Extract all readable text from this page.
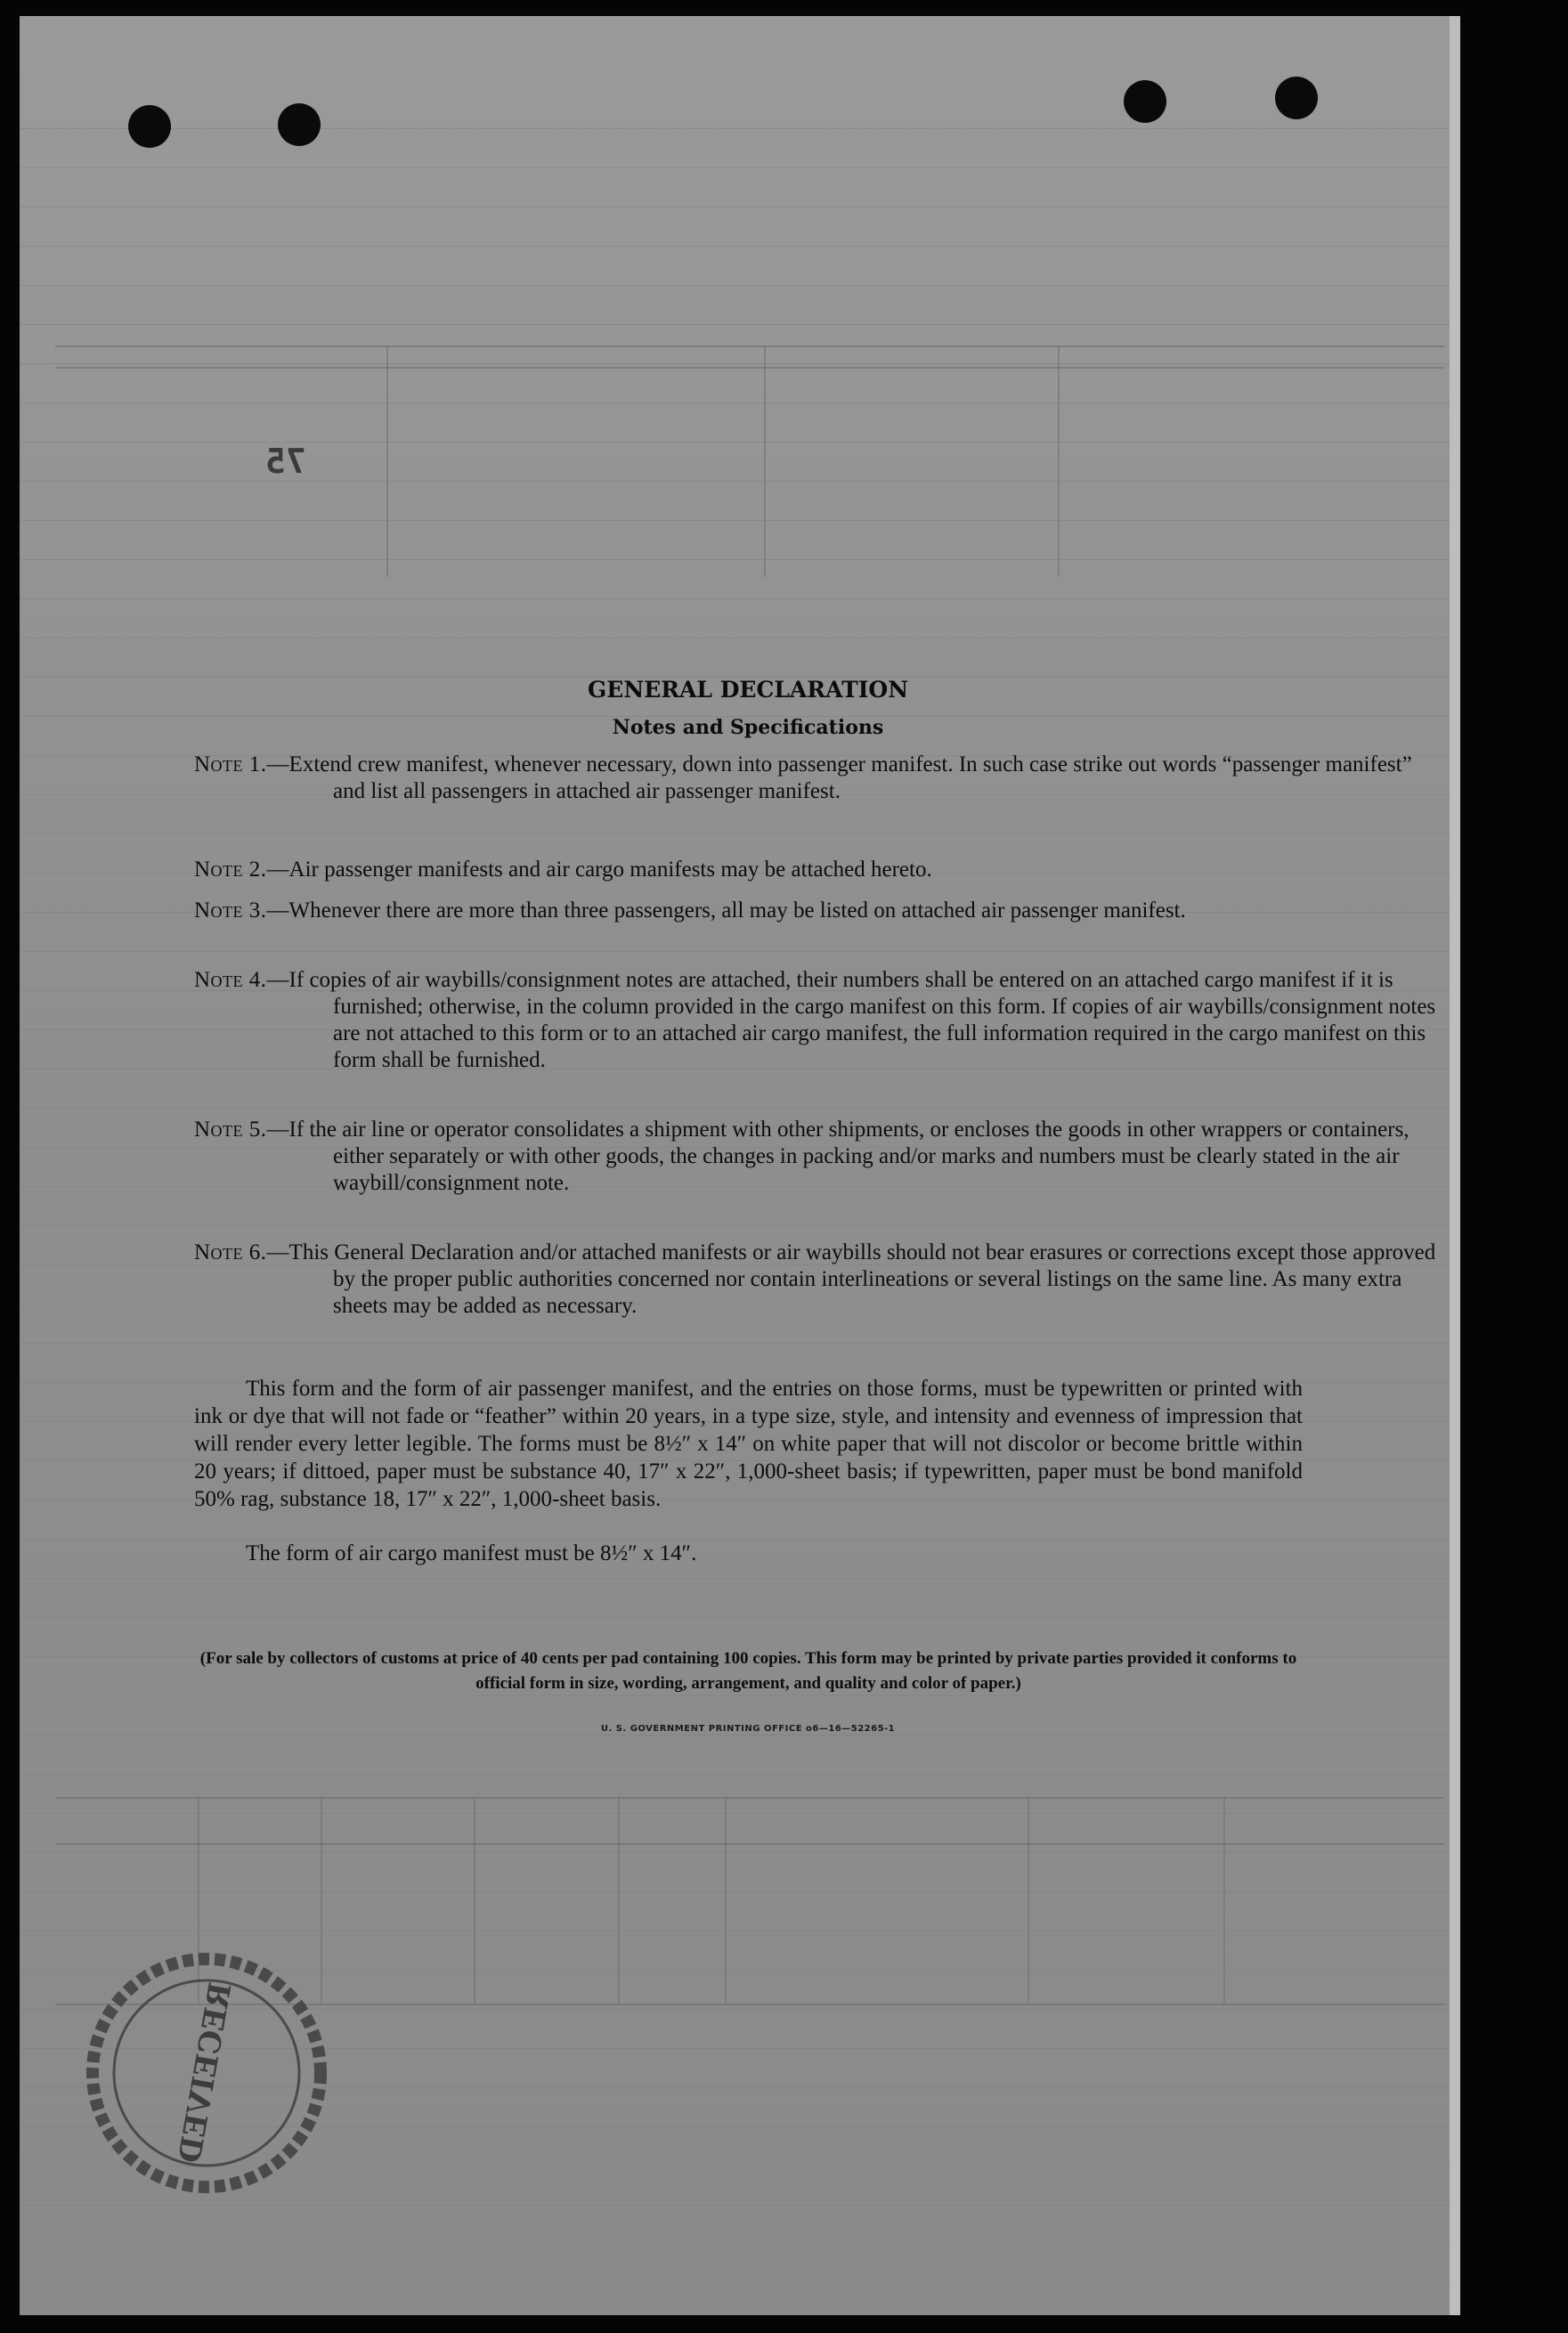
75
GENERAL DECLARATION
Notes and Specifications
Note 1.—Extend crew manifest, whenever necessary, down into passenger manifest. In such case strike out words “passenger manifest” and list all passengers in attached air passenger manifest.
Note 2.—Air passenger manifests and air cargo manifests may be attached hereto.
Note 3.—Whenever there are more than three passengers, all may be listed on attached air passenger manifest.
Note 4.—If copies of air waybills/consignment notes are attached, their numbers shall be entered on an attached cargo manifest if it is furnished; otherwise, in the column provided in the cargo manifest on this form. If copies of air waybills/consignment notes are not attached to this form or to an attached air cargo manifest, the full information required in the cargo manifest on this form shall be furnished.
Note 5.—If the air line or operator consolidates a shipment with other shipments, or encloses the goods in other wrappers or containers, either separately or with other goods, the changes in packing and/or marks and numbers must be clearly stated in the air waybill/consignment note.
Note 6.—This General Declaration and/or attached manifests or air waybills should not bear erasures or corrections except those approved by the proper public authorities concerned nor contain interlineations or several listings on the same line. As many extra sheets may be added as necessary.
This form and the form of air passenger manifest, and the entries on those forms, must be typewritten or printed with ink or dye that will not fade or “feather” within 20 years, in a type size, style, and intensity and evenness of impression that will render every letter legible. The forms must be 8½″ x 14″ on white paper that will not discolor or become brittle within 20 years; if dittoed, paper must be substance 40, 17″ x 22″, 1,000-sheet basis; if typewritten, paper must be bond manifold 50% rag, substance 18, 17″ x 22″, 1,000-sheet basis.
The form of air cargo manifest must be 8½″ x 14″.
(For sale by collectors of customs at price of 40 cents per pad containing 100 copies. This form may be printed by private parties provided it conforms to official form in size, wording, arrangement, and quality and color of paper.)
U. S. GOVERNMENT PRINTING OFFICE o6—16—52265-1
RECEIVED
